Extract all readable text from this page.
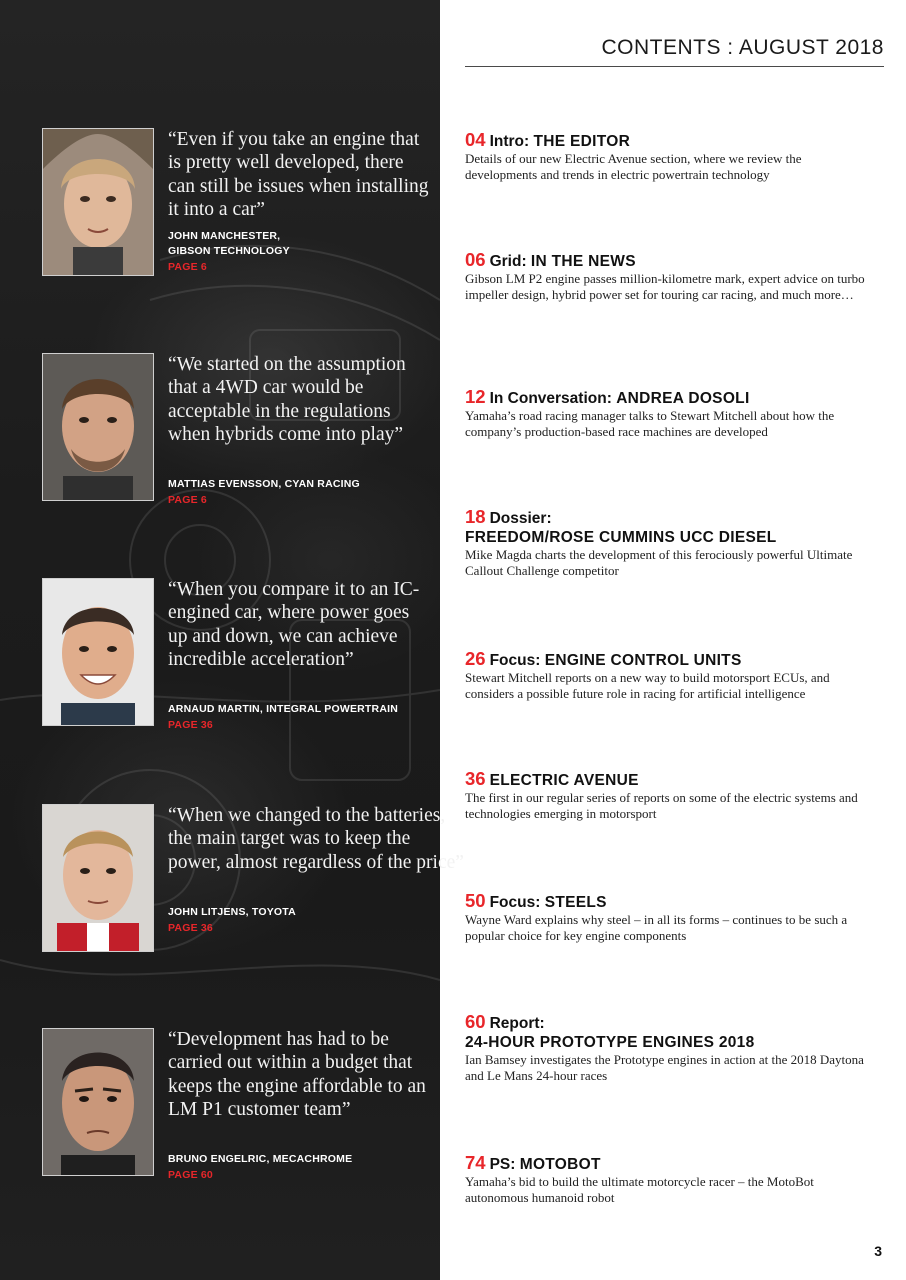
“Even if you take an engine that is pretty well developed, there can still be issues when installing it into a car”
JOHN MANCHESTER, GIBSON TECHNOLOGY
PAGE 6
“We started on the assumption that a 4WD car would be acceptable in the regulations when hybrids come into play”
MATTIAS EVENSSON, CYAN RACING
PAGE 6
“When you compare it to an IC-engined car, where power goes up and down, we can achieve incredible acceleration”
ARNAUD MARTIN, INTEGRAL POWERTRAIN
PAGE 36
“When we changed to the batteries, the main target was to keep the power, almost regardless of the price”
JOHN LITJENS, TOYOTA
PAGE 36
“Development has had to be carried out within a budget that keeps the engine affordable to an LM P1 customer team”
BRUNO ENGELRIC, MECACHROME
PAGE 60
CONTENTS : AUGUST 2018
04 Intro: THE EDITOR
Details of our new Electric Avenue section, where we review the developments and trends in electric powertrain technology
06 Grid: IN THE NEWS
Gibson LM P2 engine passes million-kilometre mark, expert advice on turbo impeller design, hybrid power set for touring car racing, and much more…
12 In Conversation: ANDREA DOSOLI
Yamaha’s road racing manager talks to Stewart Mitchell about how the company’s production-based race machines are developed
18 Dossier:
FREEDOM/ROSE CUMMINS UCC DIESEL
Mike Magda charts the development of this ferociously powerful Ultimate Callout Challenge competitor
26 Focus: ENGINE CONTROL UNITS
Stewart Mitchell reports on a new way to build motorsport ECUs, and considers a possible future role in racing for artificial intelligence
36 ELECTRIC AVENUE
The first in our regular series of reports on some of the electric systems and technologies emerging in motorsport
50 Focus: STEELS
Wayne Ward explains why steel – in all its forms – continues to be such a popular choice for key engine components
60 Report:
24-HOUR PROTOTYPE ENGINES 2018
Ian Bamsey investigates the Prototype engines in action at the 2018 Daytona and Le Mans 24-hour races
74 PS: MOTOBOT
Yamaha’s bid to build the ultimate motorcycle racer – the MotoBot autonomous humanoid robot
3
